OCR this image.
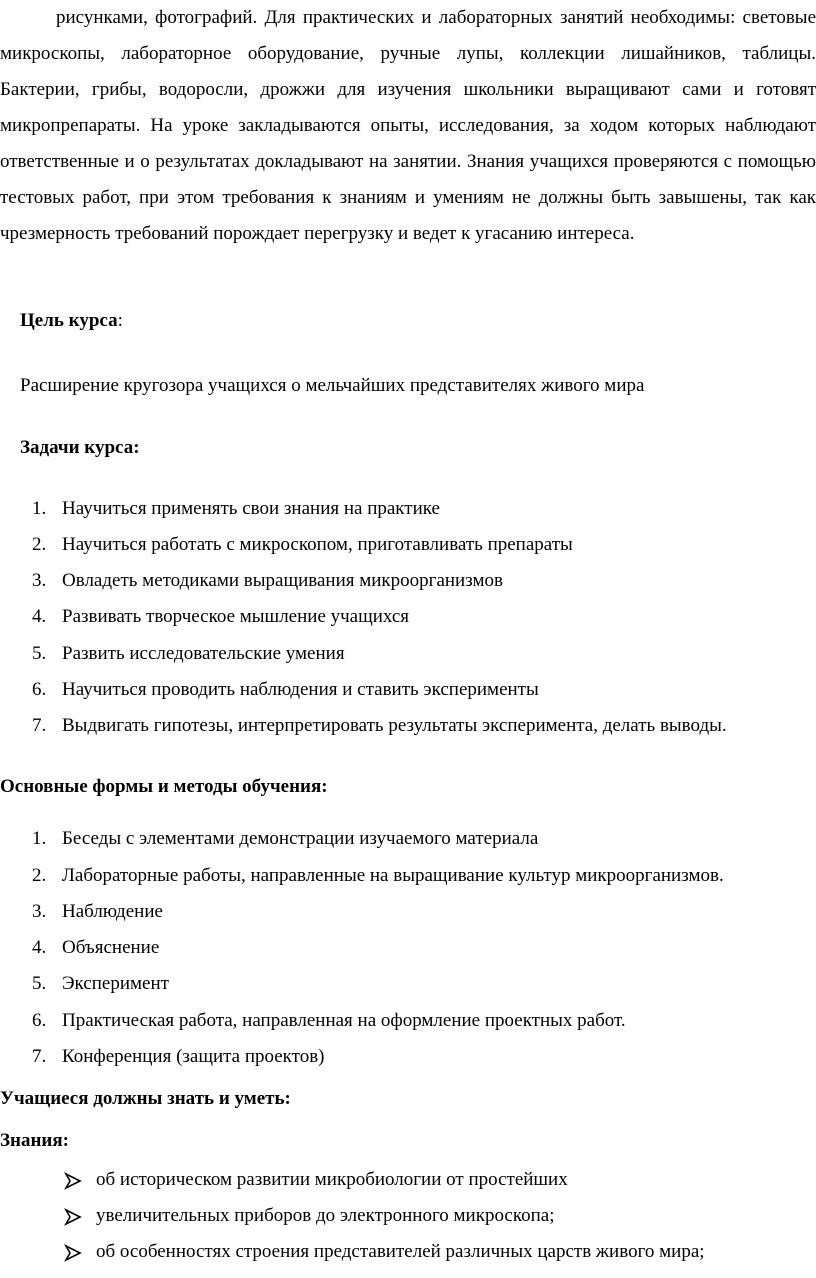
рисунками, фотографий. Для практических и лабораторных занятий необходимы: световые микроскопы, лабораторное оборудование, ручные лупы, коллекции лишайников, таблицы. Бактерии, грибы, водоросли, дрожжи для изучения школьники выращивают сами и готовят микропрепараты. На уроке закладываются опыты, исследования, за ходом которых наблюдают ответственные и о результатах докладывают на занятии. Знания учащихся проверяются с помощью тестовых работ, при этом требования к знаниям и умениям не должны быть завышены, так как чрезмерность требований порождает перегрузку и ведет к угасанию интереса.

Цель курса:
Расширение кругозора учащихся о мельчайших представителях живого мира
Задачи курса:
1. Научиться применять свои знания на практике
2. Научиться работать с микроскопом, приготавливать препараты
3. Овладеть методиками выращивания микроорганизмов
4. Развивать творческое мышление учащихся
5. Развить исследовательские умения
6. Научиться проводить наблюдения и ставить эксперименты
7. Выдвигать гипотезы, интерпретировать результаты эксперимента, делать выводы.
Основные формы и методы обучения:
1. Беседы с элементами демонстрации изучаемого материала
2. Лабораторные работы, направленные на выращивание культур микроорганизмов.
3. Наблюдение
4. Объяснение
5. Эксперимент
6. Практическая работа, направленная на оформление проектных работ.
7. Конференция (защита проектов)
Учащиеся должны знать и уметь:
Знания:
об историческом развитии микробиологии от простейших
увеличительных приборов до электронного микроскопа;
об особенностях строения представителей различных царств живого мира;
